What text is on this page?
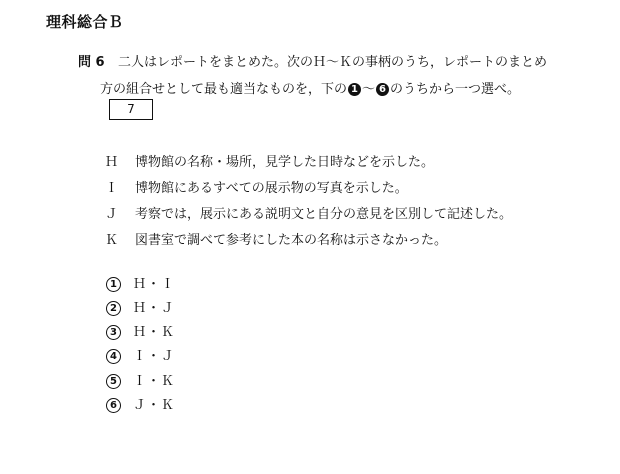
理科総合Ｂ
問 6 二人はレポートをまとめた。次のＨ～Ｋの事柄のうち，レポートのまとめ
方の組合せとして最も適当なものを，下の 1 ～ 6 のうちから一つ選べ。
7
Ｈ 博物館の名称・場所，見学した日時などを示した。
Ｉ 博物館にあるすべての展示物の写真を示した。
Ｊ 考察では，展示にある説明文と自分の意見を区別して記述した。
Ｋ 図書室で調べて参考にした本の名称は示さなかった。
1 Ｈ・Ｉ
2 Ｈ・Ｊ
3 Ｈ・Ｋ
4 Ｉ・Ｊ
5 Ｉ・Ｋ
6 Ｊ・Ｋ
